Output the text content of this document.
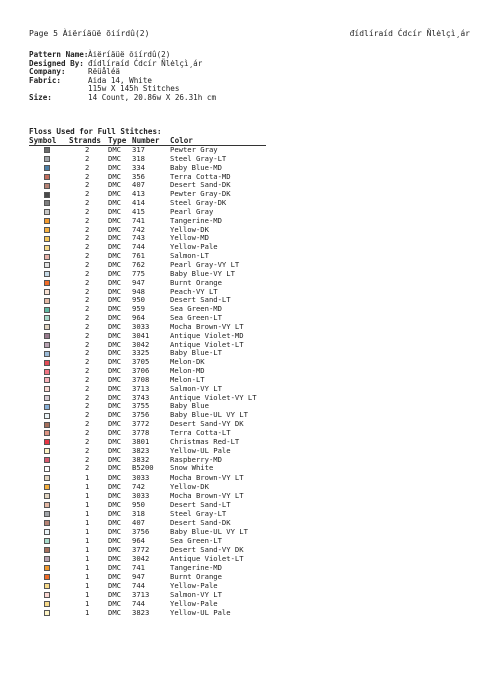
Page 5 Àiëríäüë õiírdû(2)	đídlíraíd Ćdcír Ñlėlçì¸ár
Pattern Name: Àiëríäüë õiírdû(2)
Designed By: đídlíraíd Ćdcír Ñlėlçì¸ár
Company:	Rëüåléä
Fabric:	Aida 14, White
115w X 145h Stitches
Size:	14 Count, 20.86w X 26.31h cm
Floss Used for Full Stitches:
Symbol Strands Type Number Color
2	DMC 317	Pewter Gray
2	DMC 318	Steel Gray-LT
2	DMC 334	Baby Blue-MD
2	DMC 356	Terra Cotta-MD
2	DMC 407	Desert Sand-DK
2	DMC 413	Pewter Gray-DK
2	DMC 414	Steel Gray-DK
2	DMC 415	Pearl Gray
2	DMC 741	Tangerine-MD
2	DMC 742	Yellow-DK
2	DMC 743	Yellow-MD
2	DMC 744	Yellow-Pale
2	DMC 761	Salmon-LT
2	DMC 762	Pearl Gray-VY LT
2	DMC 775	Baby Blue-VY LT
2	DMC 947	Burnt Orange
2	DMC 948	Peach-VY LT
2	DMC 950	Desert Sand-LT
2	DMC 959	Sea Green-MD
2	DMC 964	Sea Green-LT
2	DMC 3033	Mocha Brown-VY LT
2	DMC 3041	Antique Violet-MD
2	DMC 3042	Antique Violet-LT
2	DMC 3325	Baby Blue-LT
2	DMC 3705	Melon-DK
2	DMC 3706	Melon-MD
2	DMC 3708	Melon-LT
2	DMC 3713	Salmon-VY LT
2	DMC 3743	Antique Violet-VY LT
2	DMC 3755	Baby Blue
2	DMC 3756	Baby Blue-UL VY LT
2	DMC 3772	Desert Sand-VY DK
2	DMC 3778	Terra Cotta-LT
2	DMC 3801	Christmas Red-LT
2	DMC 3823	Yellow-UL Pale
2	DMC 3832	Raspberry-MD
2	DMC B5200 Snow White
1	DMC 3033	Mocha Brown-VY LT
1	DMC 742	Yellow-DK
1	DMC 3033	Mocha Brown-VY LT
1	DMC 950	Desert Sand-LT
1	DMC 318	Steel Gray-LT
1	DMC 407	Desert Sand-DK
1	DMC 3756	Baby Blue-UL VY LT
1	DMC 964	Sea Green-LT
1	DMC 3772	Desert Sand-VY DK
1	DMC 3042	Antique Violet-LT
1	DMC 741	Tangerine-MD
1	DMC 947	Burnt Orange
1	DMC 744	Yellow-Pale
1	DMC 3713	Salmon-VY LT
1	DMC 744	Yellow-Pale
1	DMC 3823	Yellow-UL Pale
